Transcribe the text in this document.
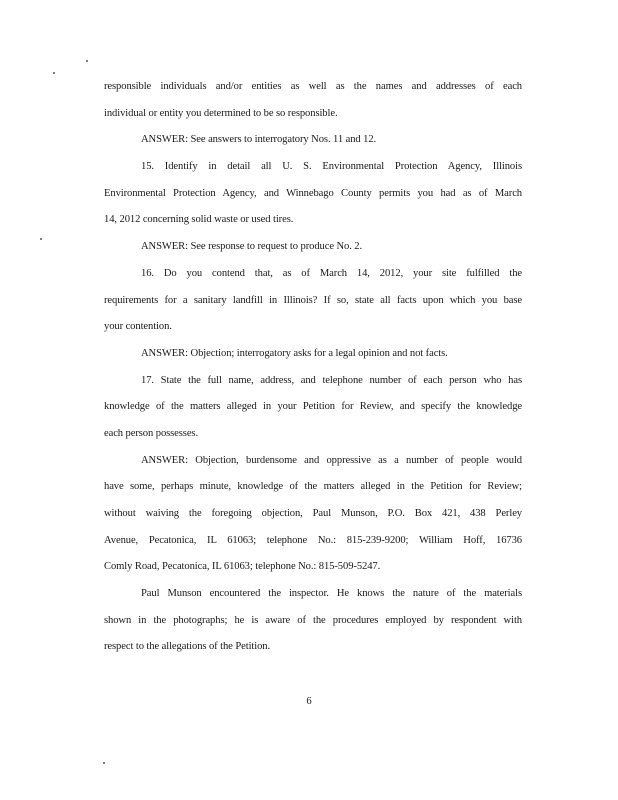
responsible individuals and/or entities as well as the names and addresses of each
individual or entity you determined to be so responsible.
ANSWER: See answers to interrogatory Nos. 11 and 12.
15. Identify in detail all U. S. Environmental Protection Agency, Illinois
Environmental Protection Agency, and Winnebago County permits you had as of March
14, 2012 concerning solid waste or used tires.
ANSWER: See response to request to produce No. 2.
16. Do you contend that, as of March 14, 2012, your site fulfilled the
requirements for a sanitary landfill in Illinois? If so, state all facts upon which you base
your contention.
ANSWER: Objection; interrogatory asks for a legal opinion and not facts.
17. State the full name, address, and telephone number of each person who has
knowledge of the matters alleged in your Petition for Review, and specify the knowledge
each person possesses.
ANSWER: Objection, burdensome and oppressive as a number of people would
have some, perhaps minute, knowledge of the matters alleged in the Petition for Review;
without waiving the foregoing objection, Paul Munson, P.O. Box 421, 438 Perley
Avenue, Pecatonica, IL 61063; telephone No.: 815-239-9200; William Hoff, 16736
Comly Road, Pecatonica, IL 61063; telephone No.: 815-509-5247.
Paul Munson encountered the inspector. He knows the nature of the materials
shown in the photographs; he is aware of the procedures employed by respondent with
respect to the allegations of the Petition.
6
